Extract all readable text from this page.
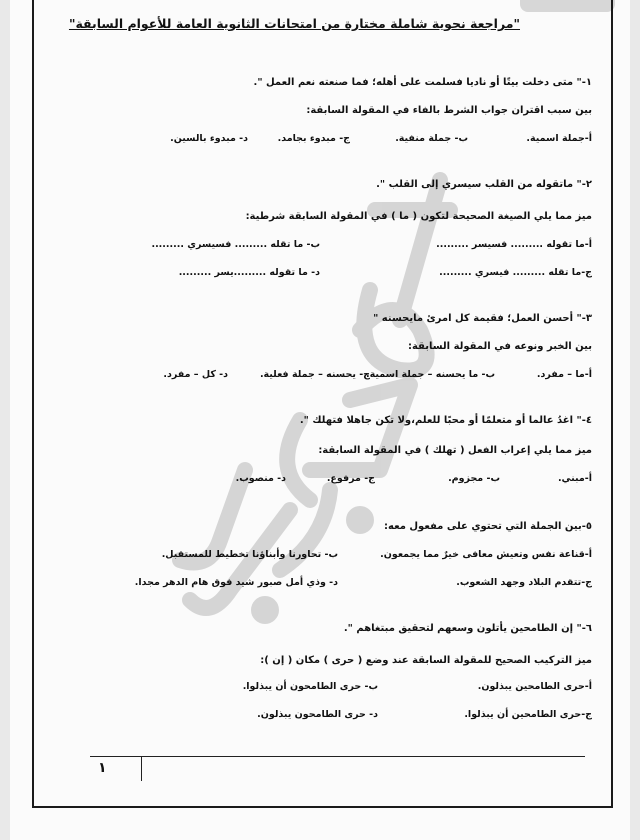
"مراجعة نحوية شاملة مختارة من امتحانات الثانوية العامة للأعوام السابقة"
١-" متى دخلت بيتًا أو ناديا فسلمت على أهله؛ فما صنعته نعم العمل ".
بين سبب اقتران جواب الشرط بالفاء في المقولة السابقة:
أ-جملة اسمية.
ب- جملة منفية.
ج- مبدوء بجامد.
د- مبدوء بالسين.
٢-" ماتقوله من القلب سيسري إلى القلب ".
ميز مما يلي الصيغة الصحيحة لتكون ( ما ) في المقولة السابقة شرطية:
أ-ما تقوله ......... فسيسر .........
ب- ما تقله ......... فسيسري .........
ج-ما تقله ......... فيسري .........
د- ما تقوله .........يسر .........
٣-" أحسن العمل؛ فقيمة كل امرئ مايحسنه "
بين الخبر ونوعه في المقولة السابقة:
أ-ما – مفرد.
ب- ما يحسنه – جملة اسمية.
ج- يحسنه – جملة فعلية.
د- كل – مفرد.
٤-" اغدُ عالما أو متعلمًا أو محبًا للعلم،ولا تكن جاهلا فتهلك ".
ميز مما يلي إعراب الفعل ( تهلك ) في المقولة السابقة:
أ-مبني.
ب- مجزوم.
ج- مرفوع.
د- منصوب.
٥-بين الجملة التي تحتوي على مفعول معه:
أ-قناعة نفس وتعيش معافى خيرٌ مما يجمعون.
ب- تحاورنا وأبناؤنا تخطيط للمستقبل.
ج-تتقدم البلاد وجهد الشعوب.
د- وذي أمل صبور شيد فوق هام الدهر مجدا.
٦-" إن الطامحين يأتلون وسعهم لتحقيق مبتغاهم ".
ميز التركيب الصحيح للمقولة السابقة عند وضع ( حرى ) مكان ( إن ):
أ-حرى الطامحين يبذلون.
ب- حرى الطامحون أن يبذلوا.
ج-حرى الطامحين أن يبذلوا.
د- حرى الطامحون يبذلون.
١
